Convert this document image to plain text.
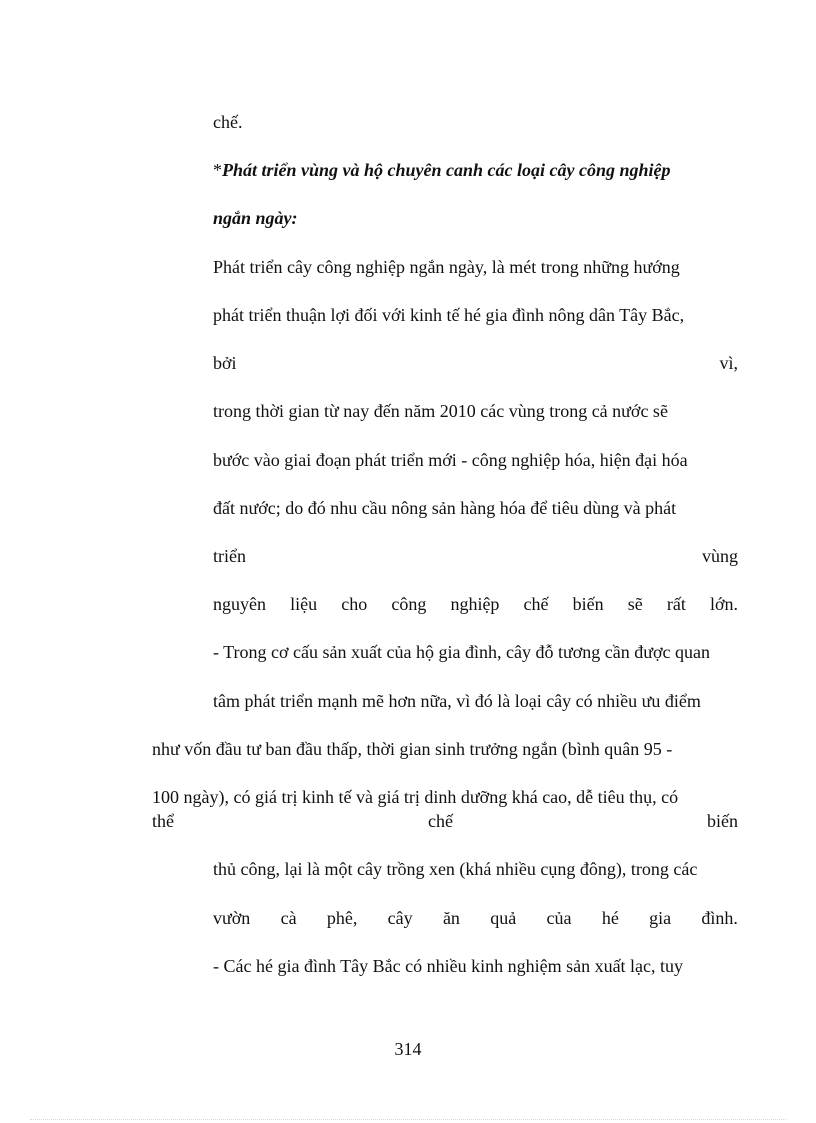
chế.
*Phát triển vùng và hộ chuyên canh các loại cây công nghiệp
ngắn ngày:
Phát triển cây công nghiệp ngắn ngày, là mét trong những hướng
phát triển thuận lợi đối với kinh tế hé gia đình nông dân Tây Bắc,
bởi	vì,
trong thời gian từ nay đến năm 2010 các vùng trong cả nước sẽ
bước vào giai đoạn phát triển mới - công nghiệp hóa, hiện đại hóa
đất nước; do đó nhu cầu nông sản hàng hóa để tiêu dùng và phát
triển	vùng
nguyên liệu cho công nghiệp chế biến sẽ rất lớn.
- Trong cơ cấu sản xuất của hộ gia đình, cây đỗ tương cần được quan
tâm phát triển mạnh mẽ hơn nữa, vì đó là loại cây có nhiều ưu điểm
như vốn đầu tư ban đầu thấp, thời gian sinh trưởng ngắn (bình quân 95 -
100 ngày), có giá trị kinh tế và giá trị dinh dưỡng khá cao, dễ tiêu thụ, có
thể	chế	biến
thủ công, lại là một cây trồng xen (khá nhiều cụng đông), trong các
vườn cà phê, cây ăn quả của hé gia đình.
- Các hé gia đình Tây Bắc có nhiều kinh nghiệm sản xuất lạc, tuy
314
